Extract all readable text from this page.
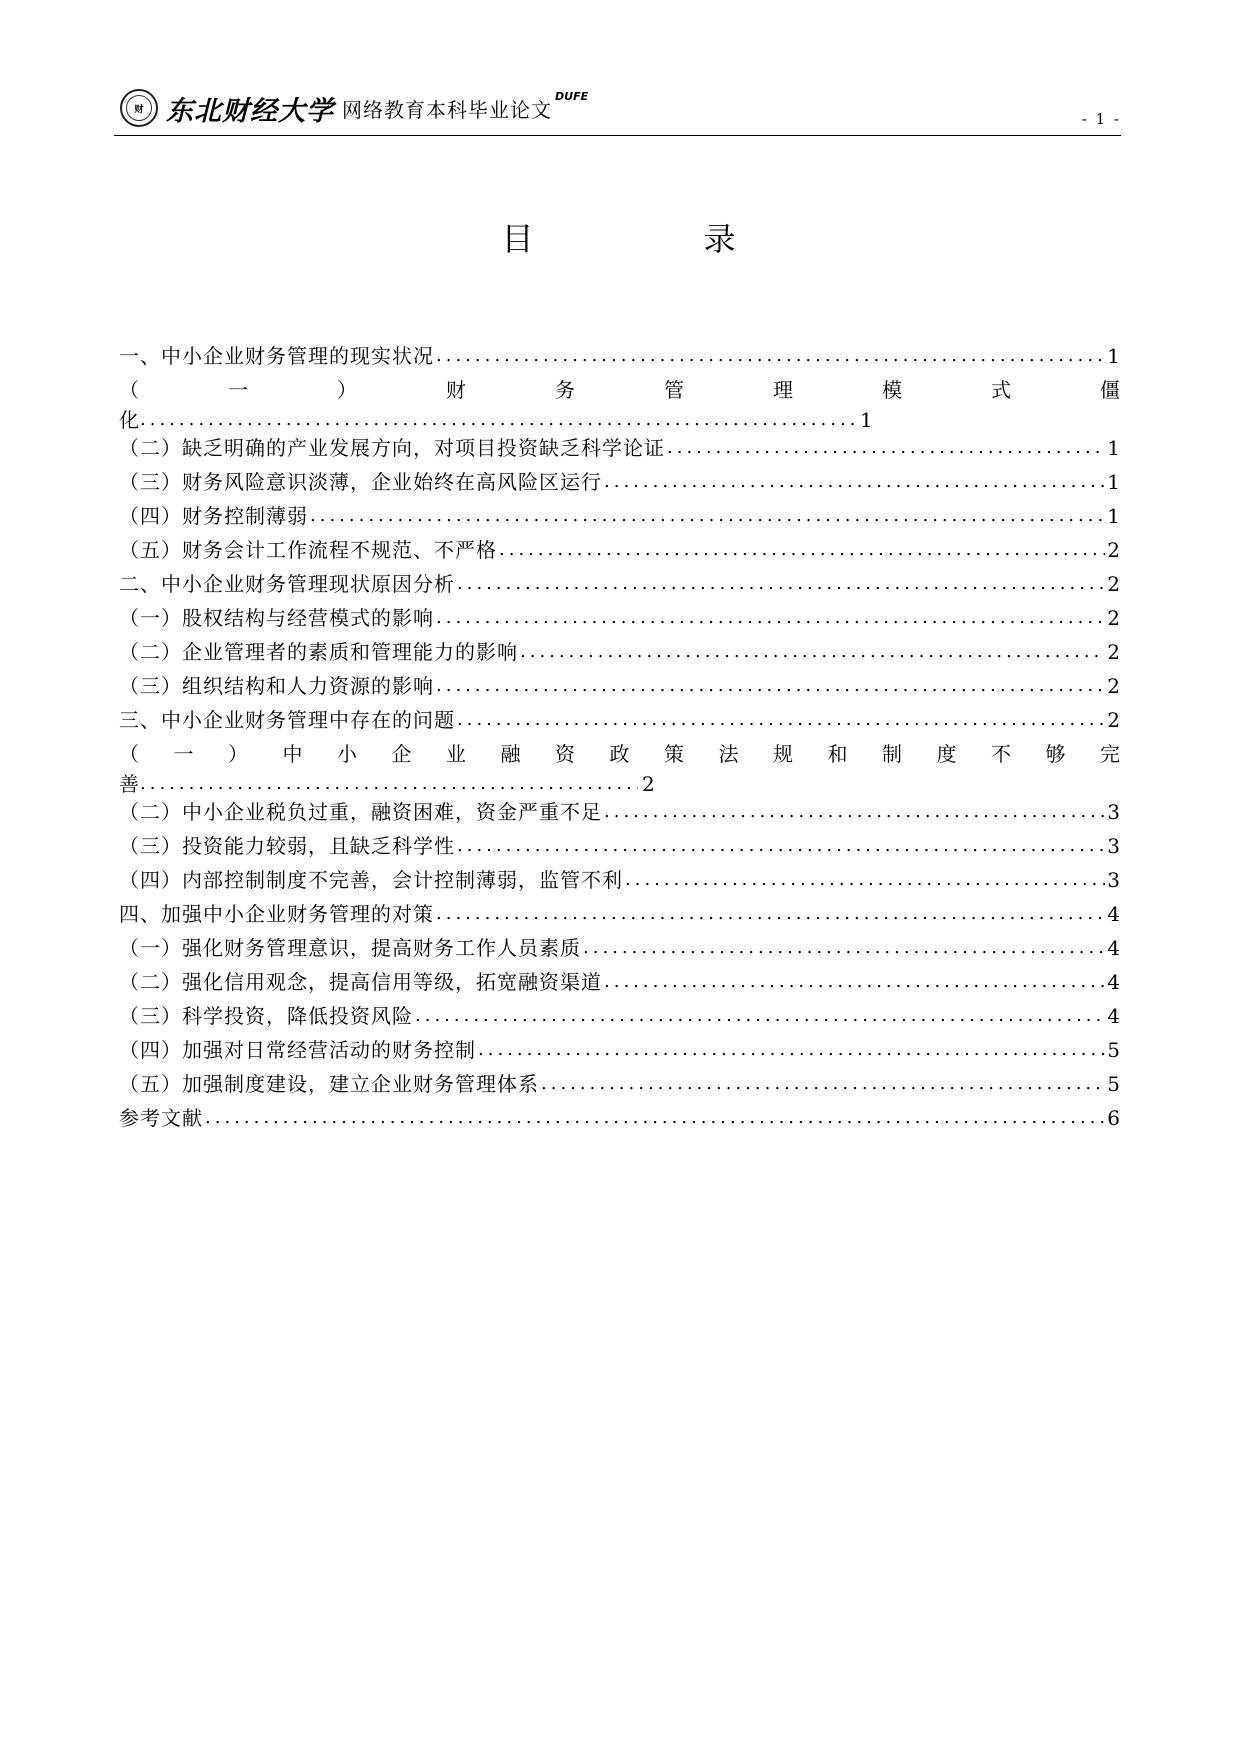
财 东北财经大学 网络教育本科毕业论文
DUFE
- 1 -
目	录
一、中小企业财务管理的现实状况 .....	1
（	一	）	财	务	管	理	模	式	僵
化 .....	1
（二）缺乏明确的产业发展方向，对项目投资缺乏科学论证 .....	1
（三）财务风险意识淡薄，企业始终在高风险区运行 .....	1
（四）财务控制薄弱 .....	1
（五）财务会计工作流程不规范、不严格 .....	2
二、中小企业财务管理现状原因分析 .....	2
（一）股权结构与经营模式的影响 .....	2
（二）企业管理者的素质和管理能力的影响 .....	2
（三）组织结构和人力资源的影响 .....	2
三、中小企业财务管理中存在的问题 .....	2
（ 一 ） 中 小 企 业 融 资 政 策 法 规 和 制 度 不 够 完
善 .....	2
（二）中小企业税负过重，融资困难，资金严重不足 .....	3
（三）投资能力较弱，且缺乏科学性 .....	3
（四）内部控制制度不完善，会计控制薄弱，监管不利 .....	3
四、加强中小企业财务管理的对策 .....	4
（一）强化财务管理意识，提高财务工作人员素质 .....	4
（二）强化信用观念，提高信用等级，拓宽融资渠道 .....	4
（三）科学投资，降低投资风险 .....	4
（四）加强对日常经营活动的财务控制 .....	5
（五）加强制度建设，建立企业财务管理体系 .....	5
参考文献 .....	6
